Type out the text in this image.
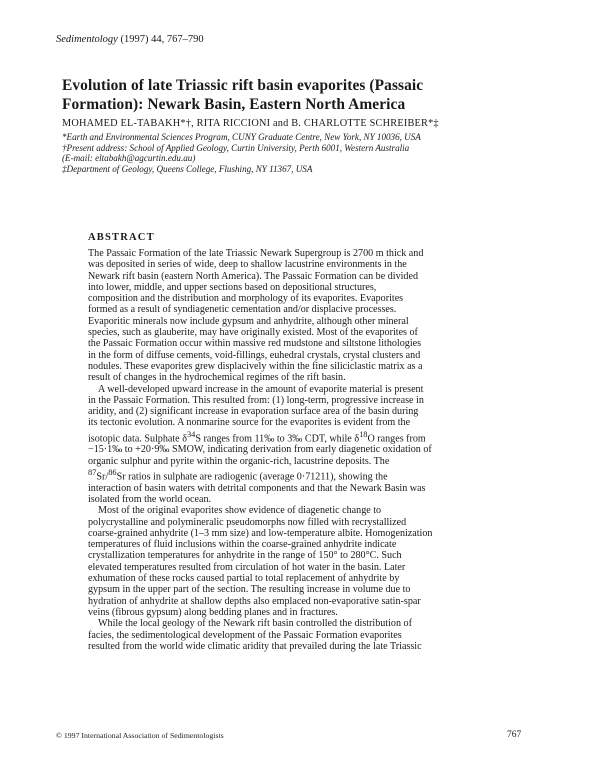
Sedimentology (1997) 44, 767–790
Evolution of late Triassic rift basin evaporites (Passaic
Formation): Newark Basin, Eastern North America
MOHAMED EL-TABAKH*†, RITA RICCIONI and B. CHARLOTTE SCHREIBER*‡
*Earth and Environmental Sciences Program, CUNY Graduate Centre, New York, NY 10036, USA
†Present address: School of Applied Geology, Curtin University, Perth 6001, Western Australia
(E-mail: eltabakh@agcurtin.edu.au)
‡Department of Geology, Queens College, Flushing, NY 11367, USA
ABSTRACT
The Passaic Formation of the late Triassic Newark Supergroup is 2700 m thick and
was deposited in series of wide, deep to shallow lacustrine environments in the
Newark rift basin (eastern North America). The Passaic Formation can be divided
into lower, middle, and upper sections based on depositional structures,
composition and the distribution and morphology of its evaporites. Evaporites
formed as a result of syndiagenetic cementation and/or displacive processes.
Evaporitic minerals now include gypsum and anhydrite, although other mineral
species, such as glauberite, may have originally existed. Most of the evaporites of
the Passaic Formation occur within massive red mudstone and siltstone lithologies
in the form of diffuse cements, void-fillings, euhedral crystals, crystal clusters and
nodules. These evaporites grew displacively within the fine siliciclastic matrix as a
result of changes in the hydrochemical regimes of the rift basin.
A well-developed upward increase in the amount of evaporite material is present
in the Passaic Formation. This resulted from: (1) long-term, progressive increase in
aridity, and (2) significant increase in evaporation surface area of the basin during
its tectonic evolution. A nonmarine source for the evaporites is evident from the
isotopic data. Sulphate $\delta^{34}S$ ranges from 11‰ to 3‰ CDT, while $\delta^{18}O$ ranges from
−15·1‰ to +20·9‰ SMOW, indicating derivation from early diagenetic oxidation of
organic sulphur and pyrite within the organic-rich, lacustrine deposits. The
$^{87}$Sr/$^{86}$Sr ratios in sulphate are radiogenic (average 0·71211), showing the
interaction of basin waters with detrital components and that the Newark Basin was
isolated from the world ocean.
Most of the original evaporites show evidence of diagenetic change to
polycrystalline and polymineralic pseudomorphs now filled with recrystallized
coarse-grained anhydrite (1–3 mm size) and low-temperature albite. Homogenization
temperatures of fluid inclusions within the coarse-grained anhydrite indicate
crystallization temperatures for anhydrite in the range of 150° to 280°C. Such
elevated temperatures resulted from circulation of hot water in the basin. Later
exhumation of these rocks caused partial to total replacement of anhydrite by
gypsum in the upper part of the section. The resulting increase in volume due to
hydration of anhydrite at shallow depths also emplaced non-evaporative satin-spar
veins (fibrous gypsum) along bedding planes and in fractures.
While the local geology of the Newark rift basin controlled the distribution of
facies, the sedimentological development of the Passaic Formation evaporites
resulted from the world wide climatic aridity that prevailed during the late Triassic
© 1997 International Association of Sedimentologists	767
